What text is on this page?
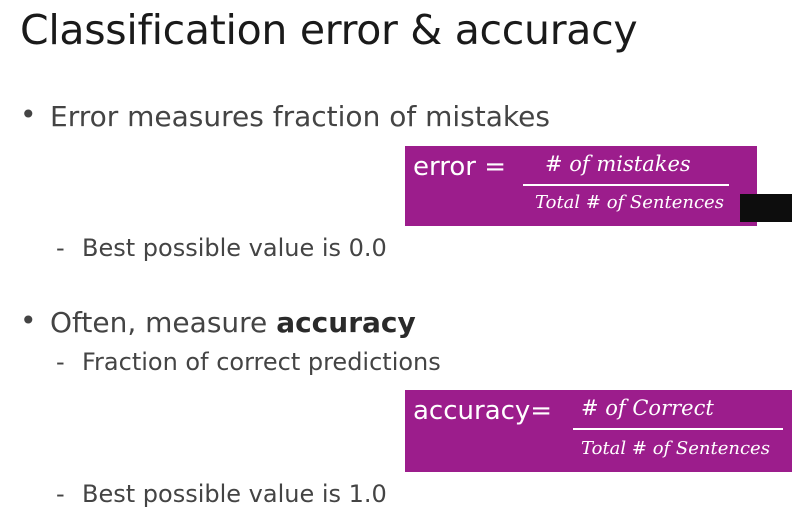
Classification error & accuracy
• Error measures fraction of mistakes
error = # of mistakes
Total # of Sentences
- Best possible value is 0.0
• Often, measure accuracy
- Fraction of correct predictions
accuracy= # of Correct
Total # of Sentences
- Best possible value is 1.0
